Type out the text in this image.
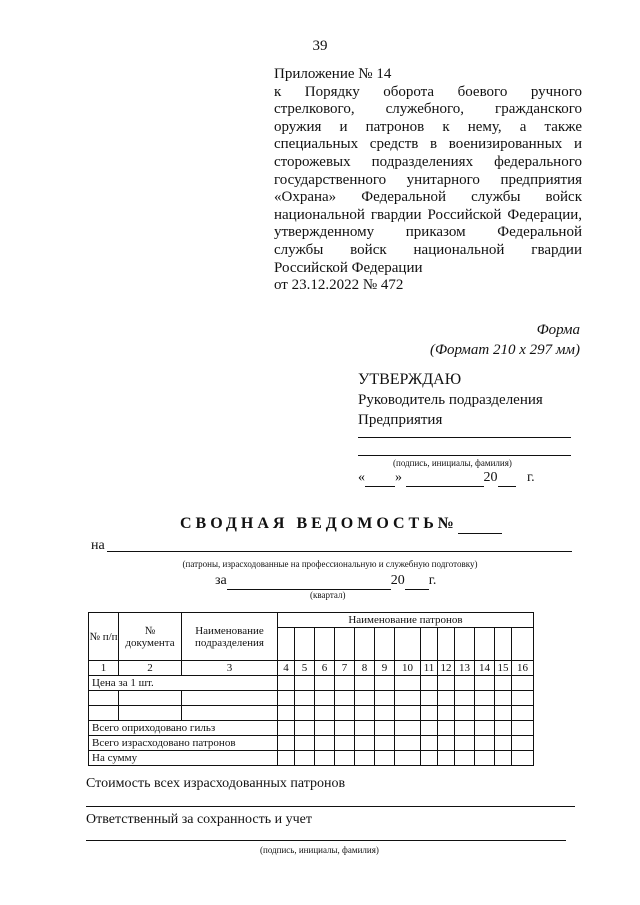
39
Приложение № 14
к Порядку оборота боевого ручного
стрелкового, служебного, гражданского
оружия и патронов к нему, а также
специальных средств в военизированных и
сторожевых подразделениях федерального
государственного унитарного предприятия
«Охрана» Федеральной службы войск
национальной гвардии Российской Федерации,
утвержденному приказом Федеральной
службы войск национальной гвардии
Российской Федерации
от 23.12.2022 № 472
Форма
(Формат 210 х 297 мм)
УТВЕРЖДАЮ
Руководитель подразделения
Предприятия
(подпись, инициалы, фамилия)
« »	20 г.
СВОДНАЯ ВЕДОМОСТЬ№
на
(патроны, израсходованные на профессиональную и служебную подготовку)
за	20 г.
(квартал)
№ п/п	№ документа	Наименование подразделения	Наименование патронов												

1	2	3	4	5	6	7	8	9	10	11	12	13	14	15	16
Цена за 1 шт.															

Всего оприходовано гильз															
Всего израсходовано патронов															
На сумму															
Стоимость всех израсходованных патронов
Ответственный за сохранность и учет
(подпись, инициалы, фамилия)
